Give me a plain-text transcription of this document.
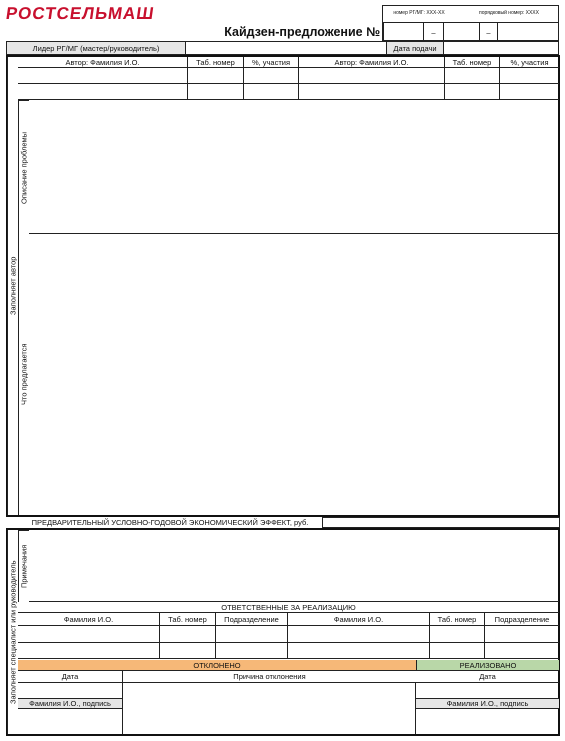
РОСТСЕЛЬМАШ
Кайдзен-предложение №
номер РГ/МГ: ХХХ-ХХ	порядковый номер: ХХХХ
–	–
Лидер РГ/МГ (мастер/руководитель)	Дата подачи
Заполняет автор
Автор: Фамилия И.О.	Таб. номер	%, участия	Автор: Фамилия И.О.	Таб. номер	%, участия
Описание проблемы
Что предлагается
ПРЕДВАРИТЕЛЬНЫЙ УСЛОВНО-ГОДОВОЙ ЭКОНОМИЧЕСКИЙ ЭФФЕКТ, руб.
Заполняет специалист или руководитель Примечания
ОТВЕТСТВЕННЫЕ ЗА РЕАЛИЗАЦИЮ
Фамилия И.О.	Таб. номер	Подразделение	Фамилия И.О.	Таб. номер	Подразделение
ОТКЛОНЕНО	РЕАЛИЗОВАНО
Дата
Фамилия И.О., подпись
Причина отклонения	Дата
Фамилия И.О., подпись
